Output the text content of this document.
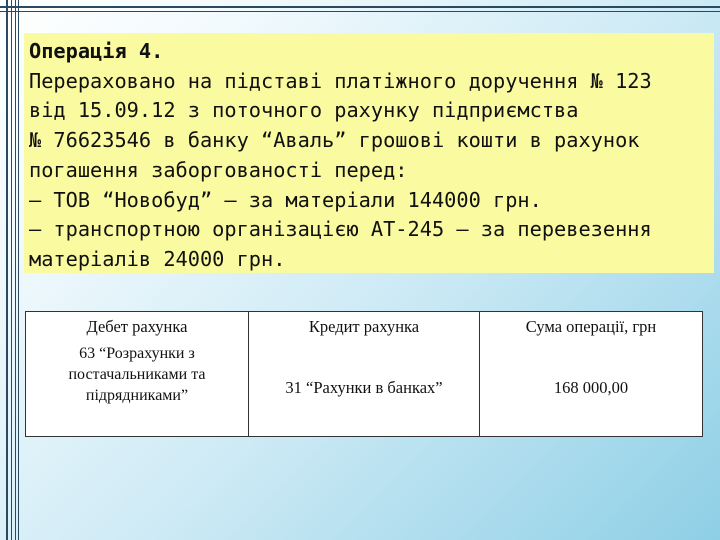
Операція 4.
Перераховано на підставі платіжного доручення № 123
від 15.09.12 з поточного рахунку підприємства
№ 76623546 в банку “Аваль” грошові кошти в рахунок
погашення заборгованості перед:
– ТОВ “Новобуд” – за матеріали 144000 грн.
– транспортною організацією АТ-245 – за перевезення
матеріалів 24000 грн.
Дебет рахунка
63 “Розрахунки з
постачальниками та
підрядниками”
Кредит рахунка
31 “Рахунки в банках”
Сума операції, грн
168 000,00
